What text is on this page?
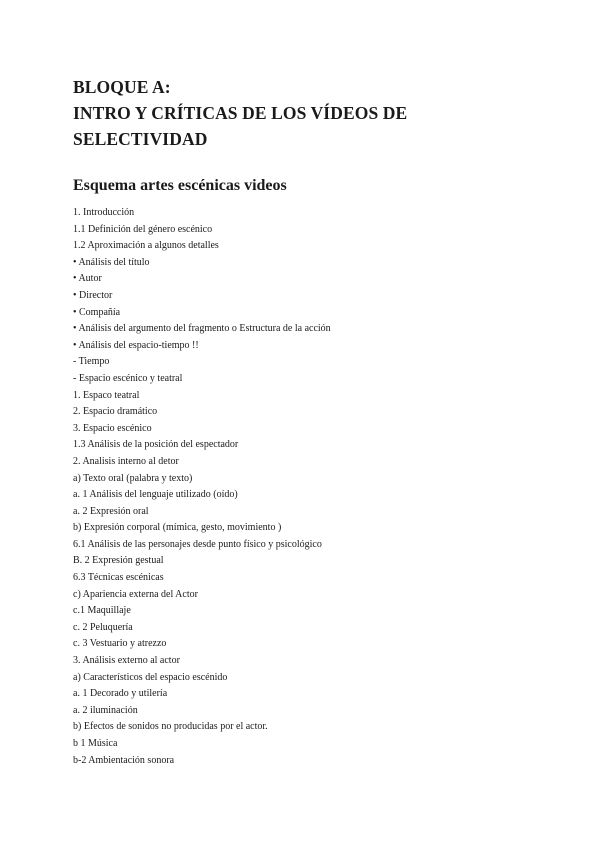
BLOQUE A:
INTRO Y CRÍTICAS DE LOS VÍDEOS DE
SELECTIVIDAD
Esquema artes escénicas videos
1. Introducción
1.1 Definición del género escénico
1.2 Aproximación a algunos detalles
• Análisis del título
• Autor
• Director
• Compañía
• Análisis del argumento del fragmento o Estructura de la acción
• Análisis del espacio-tiempo !!
- Tiempo
- Espacio escénico y teatral
1. Espaco teatral
2. Espacio dramático
3. Espacio escénico
1.3 Análisis de la posición del espectador
2. Analisis interno al detor
a) Texto oral (palabra y texto)
a. 1 Análisis del lenguaje utilizado (oído)
a. 2 Expresión oral
b) Expresión corporal (mímica, gesto, movimiento )
6.1 Análisis de las personajes desde punto físico y psicológico
B. 2 Expresión gestual
6.3 Técnicas escénicas
c) Apariencia externa del Actor
c.1 Maquillaje
c. 2 Peluquería
c. 3 Vestuario y atrezzo
3. Análisis externo al actor
a) Característicos del espacio escénido
a. 1 Decorado y utilería
a. 2 iluminación
b) Efectos de sonidos no producidas por el actor.
b 1 Música
b-2 Ambientación sonora
